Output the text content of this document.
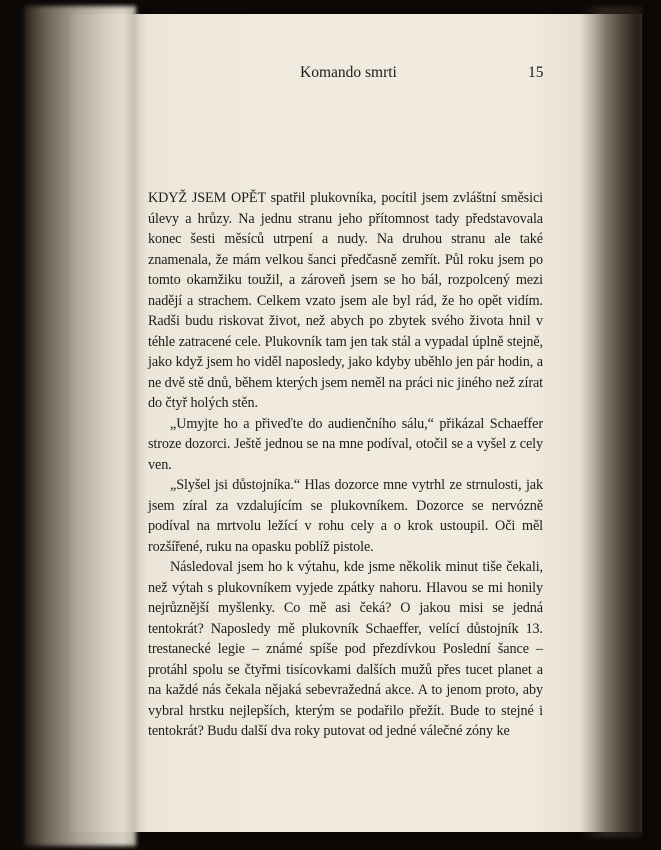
Komando smrti	15

KDYŽ JSEM OPĚT spatřil plukovníka, pocítil jsem zvláštní směsici úlevy a hrůzy. Na jednu stranu jeho přítomnost tady představovala konec šesti měsíců utrpení a nudy. Na druhou stranu ale také znamenala, že mám velkou šanci předčasně zemřít. Půl roku jsem po tomto okamžiku toužil, a zároveň jsem se ho bál, rozpolcený mezi nadějí a strachem. Celkem vzato jsem ale byl rád, že ho opět vidím. Radši budu riskovat život, než abych po zbytek svého života hnil v téhle zatracené cele. Plukovník tam jen tak stál a vypadal úplně stejně, jako když jsem ho viděl naposledy, jako kdyby uběhlo jen pár hodin, a ne dvě stě dnů, během kterých jsem neměl na práci nic jiného než zírat do čtyř holých stěn.

„Umyjte ho a přiveďte do audienčního sálu,“ přikázal Schaeffer stroze dozorci. Ještě jednou se na mne podíval, otočil se a vyšel z cely ven.

„Slyšel jsi důstojníka.“ Hlas dozorce mne vytrhl ze strnulosti, jak jsem zíral za vzdalujícím se plukovníkem. Dozorce se nervózně podíval na mrtvolu ležící v rohu cely a o krok ustoupil. Oči měl rozšířené, ruku na opasku poblíž pistole.

Následoval jsem ho k výtahu, kde jsme několik minut tiše čekali, než výtah s plukovníkem vyjede zpátky nahoru. Hlavou se mi honily nejrůznější myšlenky. Co mě asi čeká? O jakou misi se jedná tentokrát? Naposledy mě plukovník Schaeffer, velící důstojník 13. trestanecké legie – známé spíše pod přezdívkou Poslední šance – protáhl spolu se čtyřmi tisícovkami dalších mužů přes tucet planet a na každé nás čekala nějaká sebevražedná akce. A to jenom proto, aby vybral hrstku nejlepších, kterým se podařilo přežít. Bude to stejné i tentokrát? Budu další dva roky putovat od jedné válečné zóny ke
